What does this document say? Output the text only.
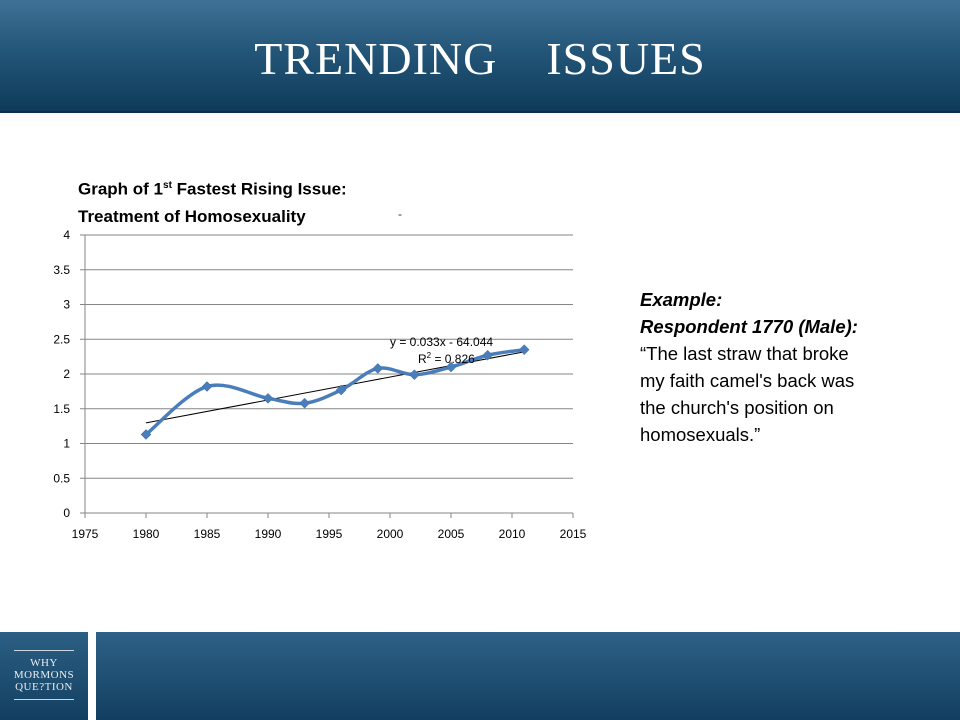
TRENDING  ISSUES
Graph of 1st Fastest Rising Issue:
Treatment of Homosexuality	-
0
0.5
1
1.5
2
2.5
3
3.5
4
1975	1980	1985	1990	1995	2000	2005	2010	2015
y = 0.033x - 64.044
$R^2 = 0.826$
Example:
Respondent 1770 (Male):
“The last straw that broke
my faith camel's back was
the church's position on
homosexuals.”
WHY
MORMONS
QUE?TION
